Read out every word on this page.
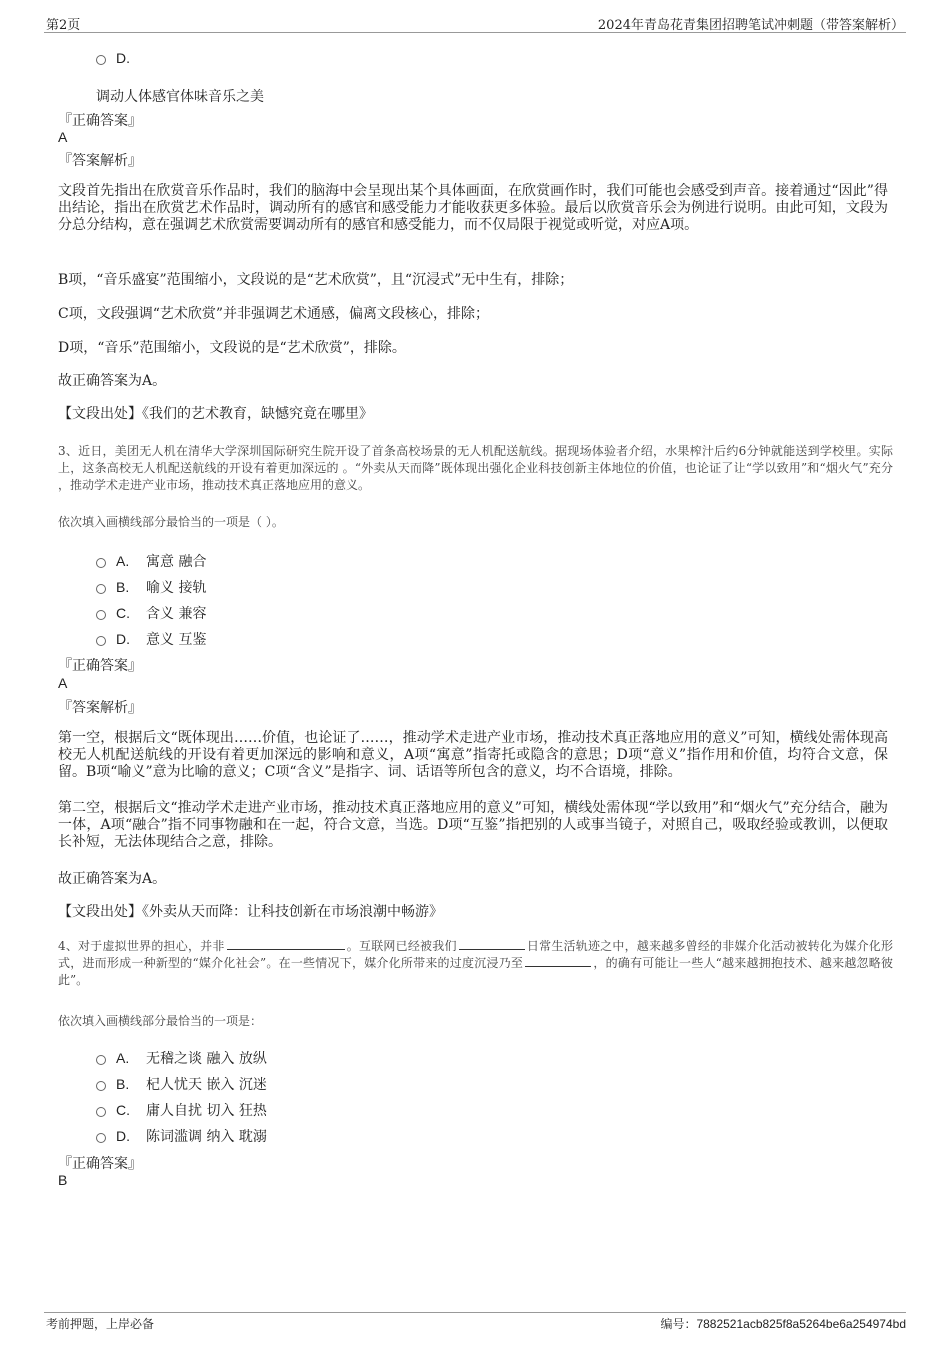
第2页	2024年青岛花青集团招聘笔试冲刺题（带答案解析）
D.
调动人体感官体味音乐之美
『正确答案』
A
『答案解析』
文段首先指出在欣赏音乐作品时，我们的脑海中会呈现出某个具体画面，在欣赏画作时，我们可能也会感受到声音。接着通过“因此”得出结论，指出在欣赏艺术作品时，调动所有的感官和感受能力才能收获更多体验。最后以欣赏音乐会为例进行说明。由此可知，文段为分总分结构，意在强调艺术欣赏需要调动所有的感官和感受能力，而不仅局限于视觉或听觉，对应A项。
B项，“音乐盛宴”范围缩小，文段说的是“艺术欣赏”，且“沉浸式”无中生有，排除；
C项，文段强调“艺术欣赏”并非强调艺术通感，偏离文段核心，排除；
D项，“音乐”范围缩小，文段说的是“艺术欣赏”，排除。
故正确答案为A。
【文段出处】《我们的艺术教育，缺憾究竟在哪里》
3、近日，美团无人机在清华大学深圳国际研究生院开设了首条高校场景的无人机配送航线。据现场体验者介绍，水果榨汁后约6分钟就能送到学校里。实际上，这条高校无人机配送航线的开设有着更加深远的 。“外卖从天而降”既体现出强化企业科技创新主体地位的价值，也论证了让“学以致用”和“烟火气”充分 ，推动学术走进产业市场，推动技术真正落地应用的意义。
依次填入画横线部分最恰当的一项是（ ）。
A. 寓意 融合
B. 喻义 接轨
C. 含义 兼容
D. 意义 互鉴
『正确答案』
A
『答案解析』
第一空，根据后文“既体现出……价值，也论证了……，推动学术走进产业市场，推动技术真正落地应用的意义”可知，横线处需体现高校无人机配送航线的开设有着更加深远的影响和意义，A项“寓意”指寄托或隐含的意思；D项“意义”指作用和价值，均符合文意，保留。B项“喻义”意为比喻的意义；C项“含义”是指字、词、话语等所包含的意义，均不合语境，排除。
第二空，根据后文“推动学术走进产业市场，推动技术真正落地应用的意义”可知，横线处需体现“学以致用”和“烟火气”充分结合，融为一体，A项“融合”指不同事物融和在一起，符合文意，当选。D项“互鉴”指把别的人或事当镜子，对照自己，吸取经验或教训，以便取长补短，无法体现结合之意，排除。
故正确答案为A。
【文段出处】《外卖从天而降：让科技创新在市场浪潮中畅游》
4、对于虚拟世界的担心，并非	。互联网已经被我们	日常生活轨迹之中，越来越多曾经的非媒介化活动被转化为媒介化形式，进而形成一种新型的“媒介化社会”。在一些情况下，媒介化所带来的过度沉浸乃至	，的确有可能让一些人“越来越拥抱技术、越来越忽略彼此”。
依次填入画横线部分最恰当的一项是：
A. 无稽之谈 融入 放纵
B. 杞人忧天 嵌入 沉迷
C. 庸人自扰 切入 狂热
D. 陈词滥调 纳入 耽溺
『正确答案』
B
考前押题，上岸必备	编号：7882521acb825f8a5264be6a254974bd
